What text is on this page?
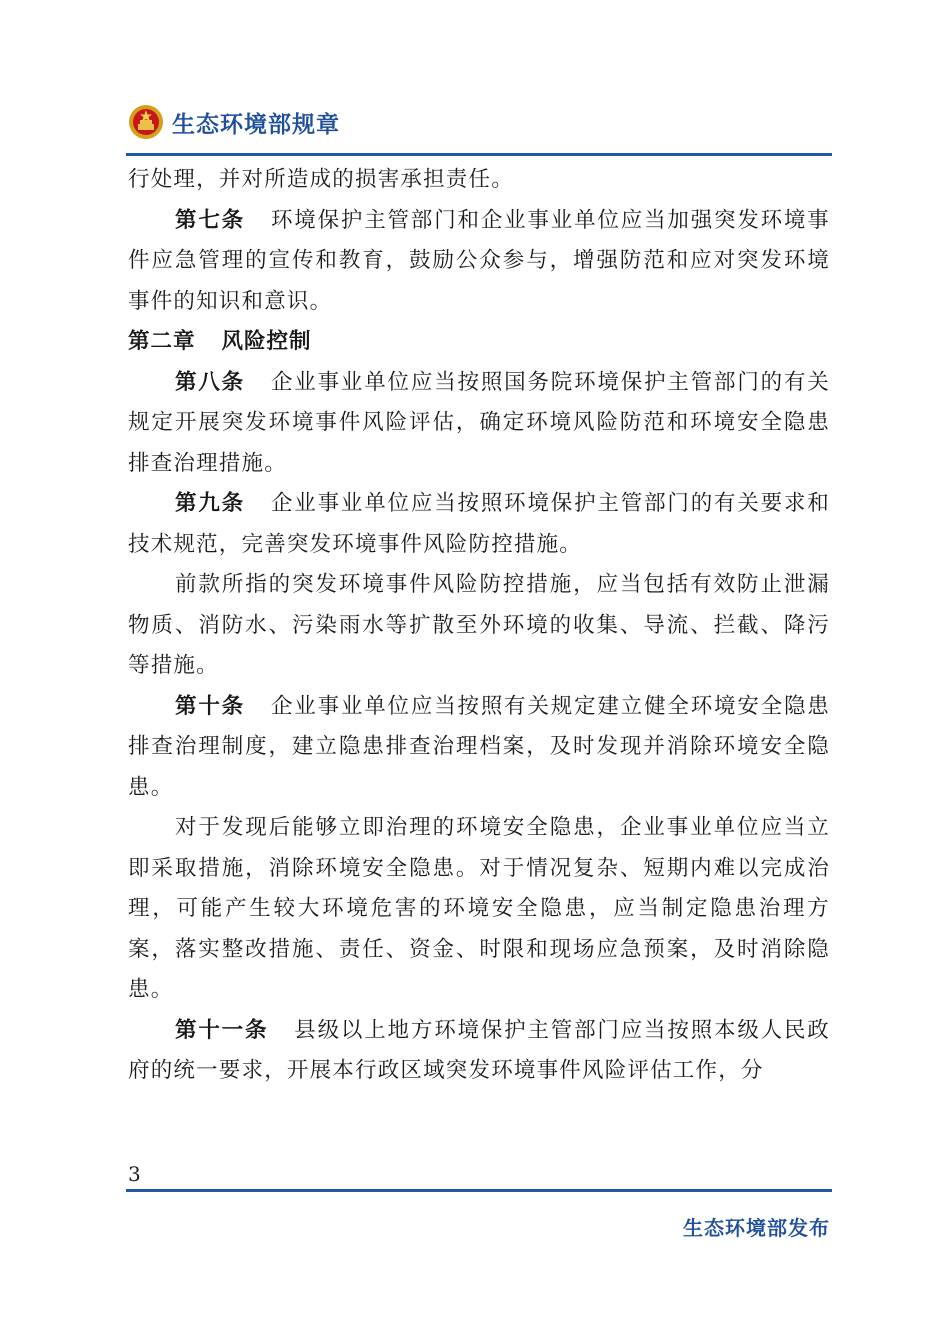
生态环境部规章

行处理，并对所造成的损害承担责任。

第七条 环境保护主管部门和企业事业单位应当加强突发环境事件应急管理的宣传和教育，鼓励公众参与，增强防范和应对突发环境事件的知识和意识。

第二章 风险控制

第八条 企业事业单位应当按照国务院环境保护主管部门的有关规定开展突发环境事件风险评估，确定环境风险防范和环境安全隐患排查治理措施。

第九条 企业事业单位应当按照环境保护主管部门的有关要求和技术规范，完善突发环境事件风险防控措施。

前款所指的突发环境事件风险防控措施，应当包括有效防止泄漏物质、消防水、污染雨水等扩散至外环境的收集、导流、拦截、降污等措施。

第十条 企业事业单位应当按照有关规定建立健全环境安全隐患排查治理制度，建立隐患排查治理档案，及时发现并消除环境安全隐患。

对于发现后能够立即治理的环境安全隐患，企业事业单位应当立即采取措施，消除环境安全隐患。对于情况复杂、短期内难以完成治理，可能产生较大环境危害的环境安全隐患，应当制定隐患治理方案，落实整改措施、责任、资金、时限和现场应急预案，及时消除隐患。

第十一条 县级以上地方环境保护主管部门应当按照本级人民政府的统一要求，开展本行政区域突发环境事件风险评估工作，分

3
生态环境部发布
